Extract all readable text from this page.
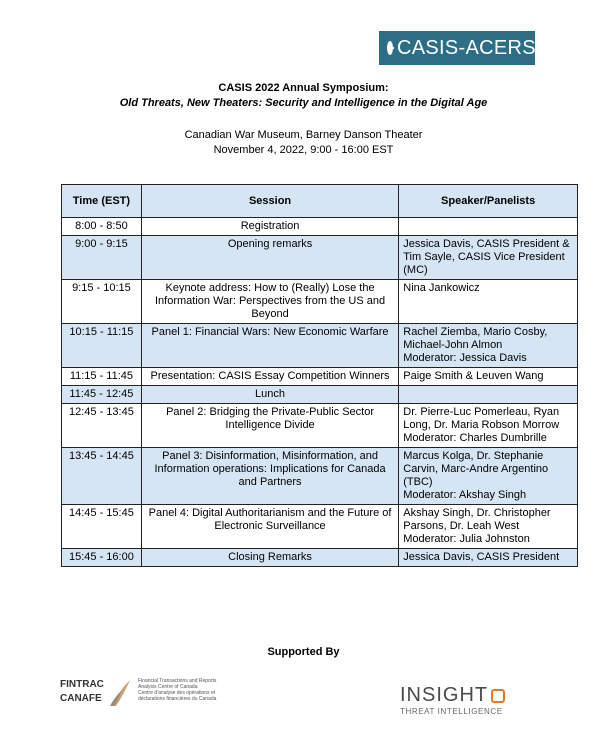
CASIS-ACERS
CASIS 2022 Annual Symposium:
Old Threats, New Theaters: Security and Intelligence in the Digital Age
Canadian War Museum, Barney Danson Theater
November 4, 2022, 9:00 - 16:00 EST
Time (EST)	Session	Speaker/Panelists
8:00 - 8:50	Registration	
9:00 - 9:15	Opening remarks	Jessica Davis, CASIS President & Tim Sayle, CASIS Vice President (MC)
9:15 - 10:15	Keynote address: How to (Really) Lose the Information War: Perspectives from the US and Beyond	Nina Jankowicz
10:15 - 11:15	Panel 1: Financial Wars: New Economic Warfare	Rachel Ziemba, Mario Cosby, Michael-John Almon
Moderator: Jessica Davis
11:15 - 11:45	Presentation: CASIS Essay Competition Winners	Paige Smith & Leuven Wang
11:45 - 12:45	Lunch	
12:45 - 13:45	Panel 2: Bridging the Private-Public Sector Intelligence Divide	Dr. Pierre-Luc Pomerleau, Ryan Long, Dr. Maria Robson Morrow
Moderator: Charles Dumbrille
13:45 - 14:45	Panel 3: Disinformation, Misinformation, and Information operations: Implications for Canada and Partners	Marcus Kolga, Dr. Stephanie Carvin, Marc-Andre Argentino (TBC)
Moderator: Akshay Singh
14:45 - 15:45	Panel 4: Digital Authoritarianism and the Future of Electronic Surveillance	Akshay Singh, Dr. Christopher Parsons, Dr. Leah West
Moderator: Julia Johnston
15:45 - 16:00	Closing Remarks	Jessica Davis, CASIS President
Supported By
FINTRAC
CANAFE
Financial Transactions and Reports Analysis Centre of Canada
Centre d'analyse des opérations et déclarations financières du Canada	INSIGHT
THREAT INTELLIGENCE
